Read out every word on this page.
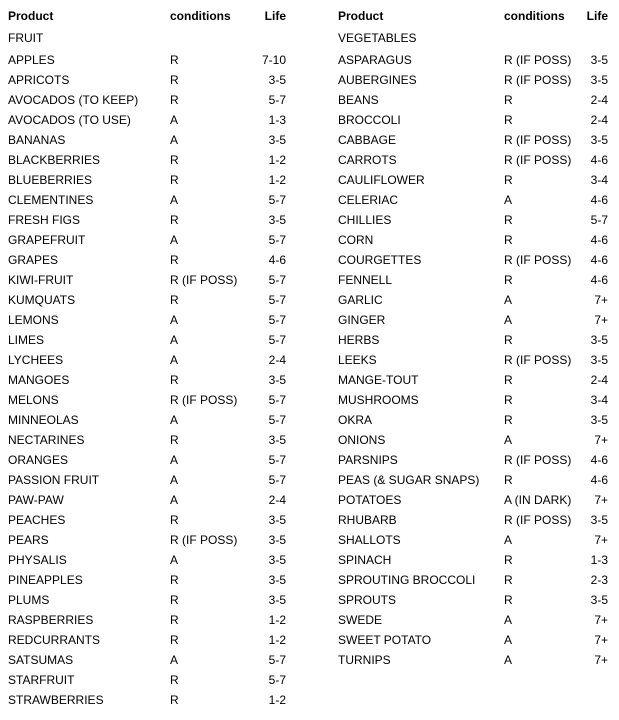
Product	conditions	Life
FRUIT		
APPLES	R	7-10
APRICOTS	R	3-5
AVOCADOS (TO KEEP)	R	5-7
AVOCADOS (TO USE)	A	1-3
BANANAS	A	3-5
BLACKBERRIES	R	1-2
BLUEBERRIES	R	1-2
CLEMENTINES	A	5-7
FRESH FIGS	R	3-5
GRAPEFRUIT	A	5-7
GRAPES	R	4-6
KIWI-FRUIT	R (IF POSS)	5-7
KUMQUATS	R	5-7
LEMONS	A	5-7
LIMES	A	5-7
LYCHEES	A	2-4
MANGOES	R	3-5
MELONS	R (IF POSS)	5-7
MINNEOLAS	A	5-7
NECTARINES	R	3-5
ORANGES	A	5-7
PASSION FRUIT	A	5-7
PAW-PAW	A	2-4
PEACHES	R	3-5
PEARS	R (IF POSS)	3-5
PHYSALIS	A	3-5
PINEAPPLES	R	3-5
PLUMS	R	3-5
RASPBERRIES	R	1-2
REDCURRANTS	R	1-2
SATSUMAS	A	5-7
STARFRUIT	R	5-7
STRAWBERRIES	R	1-2
Product	conditions	Life
VEGETABLES		
ASPARAGUS	R (IF POSS)	3-5
AUBERGINES	R (IF POSS)	3-5
BEANS	R	2-4
BROCCOLI	R	2-4
CABBAGE	R (IF POSS)	3-5
CARROTS	R (IF POSS)	4-6
CAULIFLOWER	R	3-4
CELERIAC	A	4-6
CHILLIES	R	5-7
CORN	R	4-6
COURGETTES	R (IF POSS)	4-6
FENNELL	R	4-6
GARLIC	A	7+
GINGER	A	7+
HERBS	R	3-5
LEEKS	R (IF POSS)	3-5
MANGE-TOUT	R	2-4
MUSHROOMS	R	3-4
OKRA	R	3-5
ONIONS	A	7+
PARSNIPS	R (IF POSS)	4-6
PEAS (& SUGAR SNAPS)	R	4-6
POTATOES	A (IN DARK)	7+
RHUBARB	R (IF POSS)	3-5
SHALLOTS	A	7+
SPINACH	R	1-3
SPROUTING BROCCOLI	R	2-3
SPROUTS	R	3-5
SWEDE	A	7+
SWEET POTATO	A	7+
TURNIPS	A	7+
